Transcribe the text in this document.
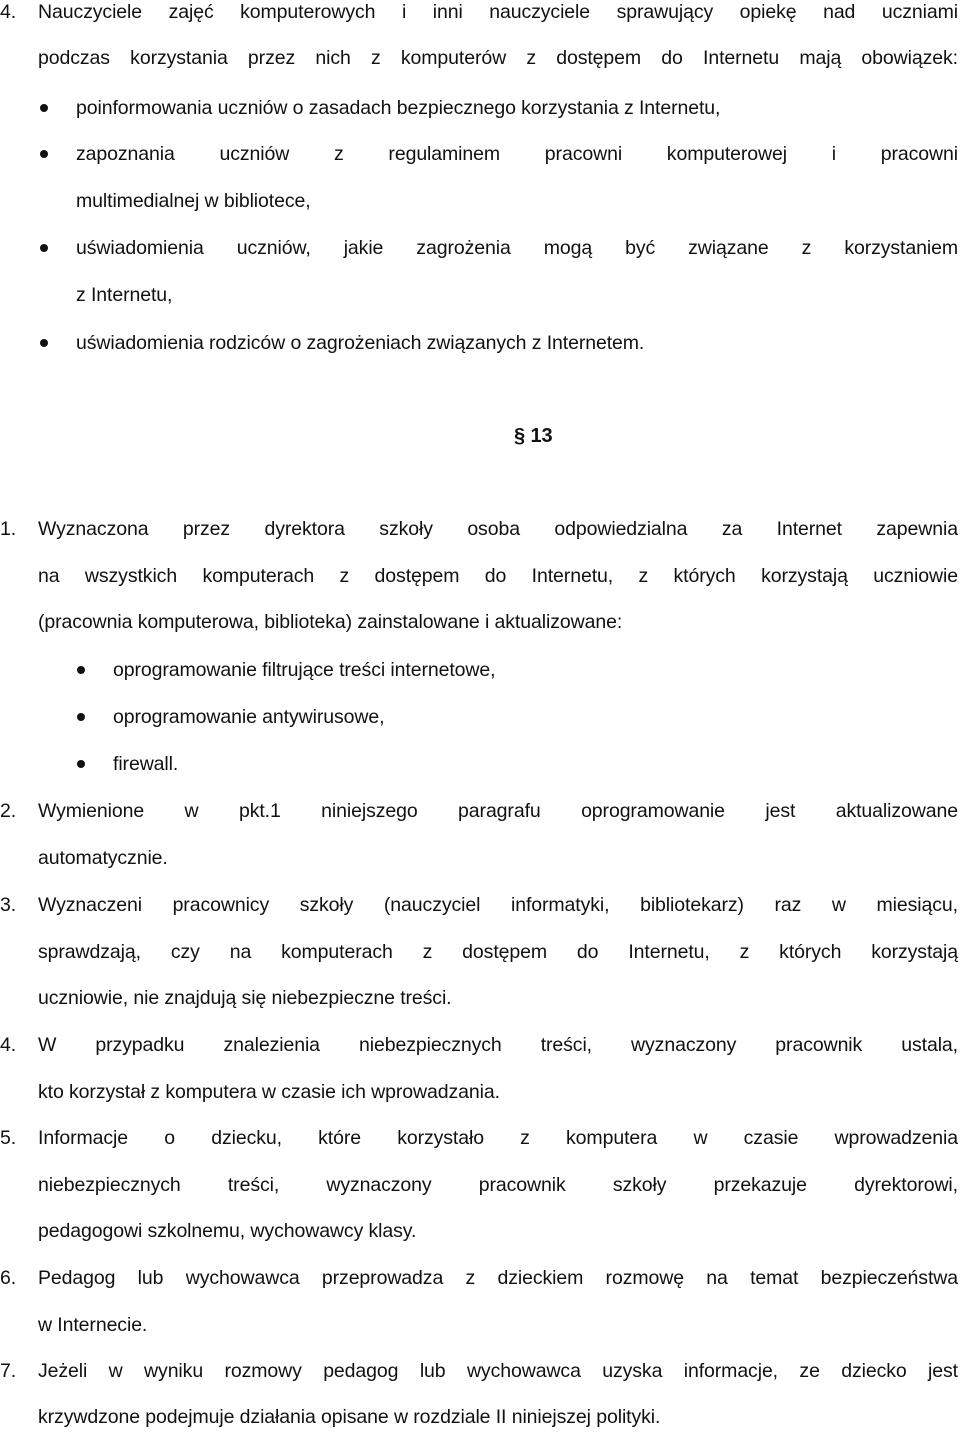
4. Nauczyciele zajęć komputerowych i inni nauczyciele sprawujący opiekę nad uczniami
podczas korzystania przez nich z komputerów z dostępem do Internetu mają obowiązek:
poinformowania uczniów o zasadach bezpiecznego korzystania z Internetu,
zapoznania uczniów z regulaminem pracowni komputerowej i pracowni
multimedialnej w bibliotece,
uświadomienia uczniów, jakie zagrożenia mogą być związane z korzystaniem
z Internetu,
uświadomienia rodziców o zagrożeniach związanych z Internetem.
§ 13
1. Wyznaczona przez dyrektora szkoły osoba odpowiedzialna za Internet zapewnia
na wszystkich komputerach z dostępem do Internetu, z których korzystają uczniowie
(pracownia komputerowa, biblioteka) zainstalowane i aktualizowane:
oprogramowanie filtrujące treści internetowe,
oprogramowanie antywirusowe,
firewall.
2. Wymienione w pkt.1 niniejszego paragrafu oprogramowanie jest aktualizowane
automatycznie.
3. Wyznaczeni pracownicy szkoły (nauczyciel informatyki, bibliotekarz) raz w miesiącu,
sprawdzają, czy na komputerach z dostępem do Internetu, z których korzystają
uczniowie, nie znajdują się niebezpieczne treści.
4. W przypadku znalezienia niebezpiecznych treści, wyznaczony pracownik ustala,
kto korzystał z komputera w czasie ich wprowadzania.
5. Informacje o dziecku, które korzystało z komputera w czasie wprowadzenia
niebezpiecznych treści, wyznaczony pracownik szkoły przekazuje dyrektorowi,
pedagogowi szkolnemu, wychowawcy klasy.
6. Pedagog lub wychowawca przeprowadza z dzieckiem rozmowę na temat bezpieczeństwa
w Internecie.
7. Jeżeli w wyniku rozmowy pedagog lub wychowawca uzyska informacje, ze dziecko jest
krzywdzone podejmuje działania opisane w rozdziale II niniejszej polityki.
